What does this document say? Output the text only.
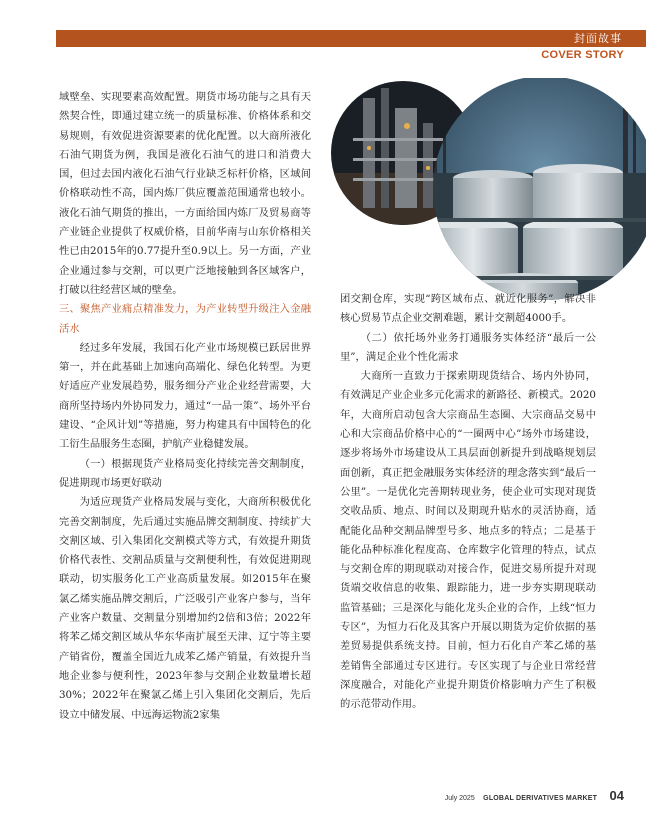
封面故事
COVER STORY

域壁垒、实现要素高效配置。期货市场功能与之具有天然契合性，即通过建立统一的质量标准、价格体系和交易规则，有效促进资源要素的优化配置。以大商所液化石油气期货为例，我国是液化石油气的进口和消费大国，但过去国内液化石油气行业缺乏标杆价格，区域间价格联动性不高，国内炼厂供应覆盖范围通常也较小。液化石油气期货的推出，一方面给国内炼厂及贸易商等产业链企业提供了权威价格，目前华南与山东价格相关性已由2015年的0.77提升至0.9以上。另一方面，产业企业通过参与交割，可以更广泛地接触到各区域客户，打破以往经营区域的壁垒。

三、聚焦产业痛点精准发力，为产业转型升级注入金融活水

经过多年发展，我国石化产业市场规模已跃居世界第一，并在此基础上加速向高端化、绿色化转型。为更好适应产业发展趋势，服务细分产业企业经营需要，大商所坚持场内外协同发力，通过“一品一策”、场外平台建设、“企风计划”等措施，努力构建具有中国特色的化工衍生品服务生态圈，护航产业稳健发展。

（一）根据现货产业格局变化持续完善交割制度，促进期现市场更好联动

为适应现货产业格局发展与变化，大商所积极优化完善交割制度，先后通过实施品牌交割制度、持续扩大交割区域、引入集团化交割模式等方式，有效提升期货价格代表性、交割品质量与交割便利性，有效促进期现联动，切实服务化工产业高质量发展。如2015年在聚氯乙烯实施品牌交割后，广泛吸引产业客户参与，当年产业客户数量、交割量分别增加约2倍和3倍；2022年将苯乙烯交割区域从华东华南扩展至天津、辽宁等主要产销省份，覆盖全国近九成苯乙烯产销量，有效提升当地企业参与便利性，2023年参与交割企业数量增长超30%；2022年在聚氯乙烯上引入集团化交割后，先后设立中储发展、中远海运物流2家集

团交割仓库，实现“跨区域布点、就近化服务”，解决非核心贸易节点企业交割难题，累计交割超4000手。

（二）依托场外业务打通服务实体经济“最后一公里”，满足企业个性化需求

大商所一直致力于探索期现货结合、场内外协同，有效满足产业企业多元化需求的新路径、新模式。2020年，大商所启动包含大宗商品生态圈、大宗商品交易中心和大宗商品价格中心的“一圈两中心”场外市场建设，逐步将场外市场建设从工具层面创新提升到战略规划层面创新，真正把金融服务实体经济的理念落实到“最后一公里”。一是优化完善期转现业务，使企业可实现对现货交收品质、地点、时间以及期现升贴水的灵活协商，适配能化品种交割品牌型号多、地点多的特点；二是基于能化品种标准化程度高、仓库数字化管理的特点，试点与交割仓库的期现联动对接合作，促进交易所提升对现货端交收信息的收集、跟踪能力，进一步夯实期现联动监管基础；三是深化与能化龙头企业的合作，上线“恒力专区”，为恒力石化及其客户开展以期货为定价依据的基差贸易提供系统支持。目前，恒力石化自产苯乙烯的基差销售全部通过专区进行。专区实现了与企业日常经营深度融合，对能化产业提升期货价格影响力产生了积极的示范带动作用。

July 2025 GLOBAL DERIVATIVES MARKET 04
